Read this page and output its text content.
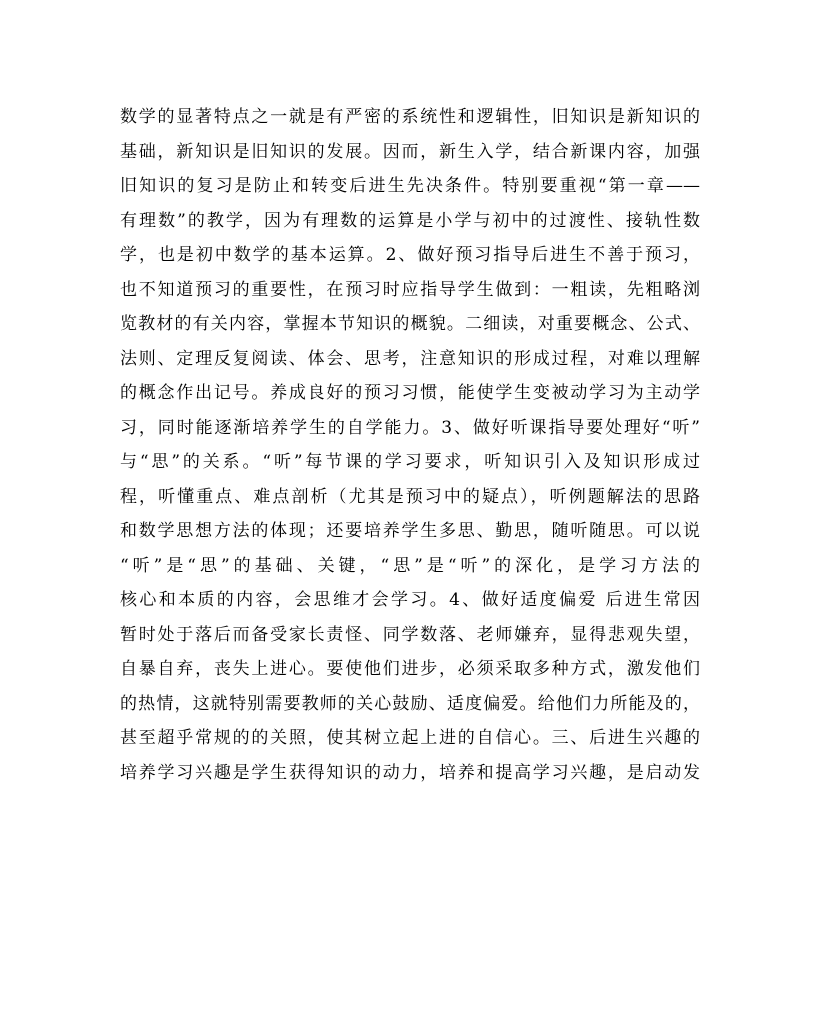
数学的显著特点之一就是有严密的系统性和逻辑性，旧知识是新知识的
基础，新知识是旧知识的发展。因而，新生入学，结合新课内容，加强
旧知识的复习是防止和转变后进生先决条件。特别要重视“第一章——
有理数”的教学，因为有理数的运算是小学与初中的过渡性、接轨性数
学，也是初中数学的基本运算。2、做好预习指导后进生不善于预习，
也不知道预习的重要性，在预习时应指导学生做到：一粗读，先粗略浏
览教材的有关内容，掌握本节知识的概貌。二细读，对重要概念、公式、
法则、定理反复阅读、体会、思考，注意知识的形成过程，对难以理解
的概念作出记号。养成良好的预习习惯，能使学生变被动学习为主动学
习，同时能逐渐培养学生的自学能力。3、做好听课指导要处理好“听”
与“思”的关系。“听”每节课的学习要求，听知识引入及知识形成过
程，听懂重点、难点剖析（尤其是预习中的疑点），听例题解法的思路
和数学思想方法的体现；还要培养学生多思、勤思，随听随思。可以说
“听”是“思”的基础、关键，“思”是“听”的深化，是学习方法的
核心和本质的内容，会思维才会学习。4、做好适度偏爱 后进生常因
暂时处于落后而备受家长责怪、同学数落、老师嫌弃，显得悲观失望，
自暴自弃，丧失上进心。要使他们进步，必须采取多种方式，激发他们
的热情，这就特别需要教师的关心鼓励、适度偏爱。给他们力所能及的，
甚至超乎常规的的关照，使其树立起上进的自信心。三、后进生兴趣的
培养学习兴趣是学生获得知识的动力，培养和提高学习兴趣，是启动发
